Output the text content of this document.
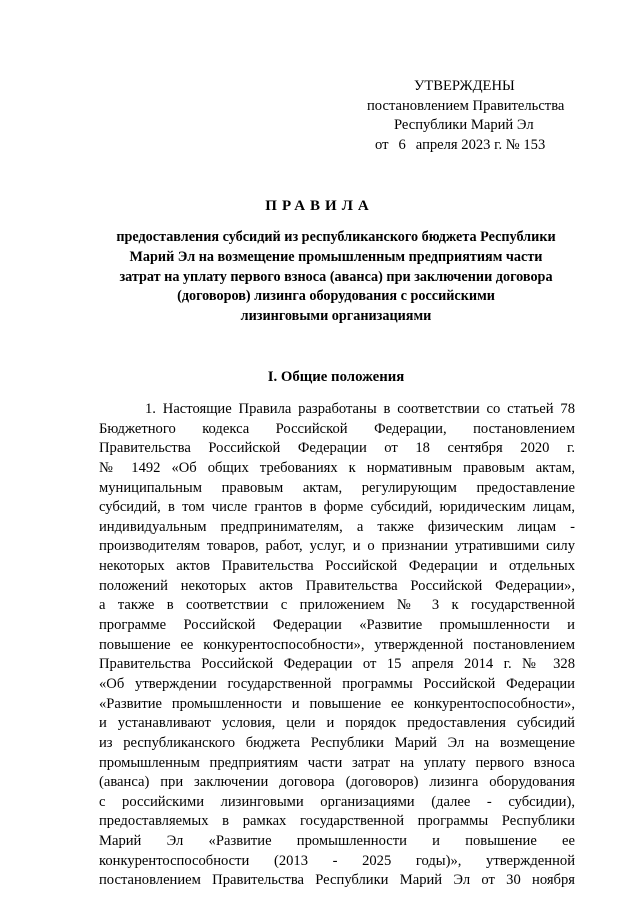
УТВЕРЖДЕНЫ
постановлением Правительства
Республики Марий Эл
от 6 апреля 2023 г. № 153
ПРАВИЛА
предоставления субсидий из республиканского бюджета Республики
Марий Эл на возмещение промышленным предприятиям части
затрат на уплату первого взноса (аванса) при заключении договора
(договоров) лизинга оборудования с российскими
лизинговыми организациями
I. Общие положения
1. Настоящие Правила разработаны в соответствии со статьей 78
Бюджетного кодекса Российской Федерации, постановлением
Правительства Российской Федерации от 18 сентября 2020 г.
№ 1492 «Об общих требованиях к нормативным правовым актам,
муниципальным правовым актам, регулирующим предоставление
субсидий, в том числе грантов в форме субсидий, юридическим лицам,
индивидуальным предпринимателям, а также физическим лицам -
производителям товаров, работ, услуг, и о признании утратившими силу
некоторых актов Правительства Российской Федерации и отдельных
положений некоторых актов Правительства Российской Федерации»,
а также в соответствии с приложением № 3 к государственной
программе Российской Федерации «Развитие промышленности и
повышение ее конкурентоспособности», утвержденной постановлением
Правительства Российской Федерации от 15 апреля 2014 г. № 328
«Об утверждении государственной программы Российской Федерации
«Развитие промышленности и повышение ее конкурентоспособности»,
и устанавливают условия, цели и порядок предоставления субсидий
из республиканского бюджета Республики Марий Эл на возмещение
промышленным предприятиям части затрат на уплату первого взноса
(аванса) при заключении договора (договоров) лизинга оборудования
с российскими лизинговыми организациями (далее - субсидии),
предоставляемых в рамках государственной программы Республики
Марий Эл «Развитие промышленности и повышение ее
конкурентоспособности (2013 - 2025 годы)», утвержденной
постановлением Правительства Республики Марий Эл от 30 ноября
